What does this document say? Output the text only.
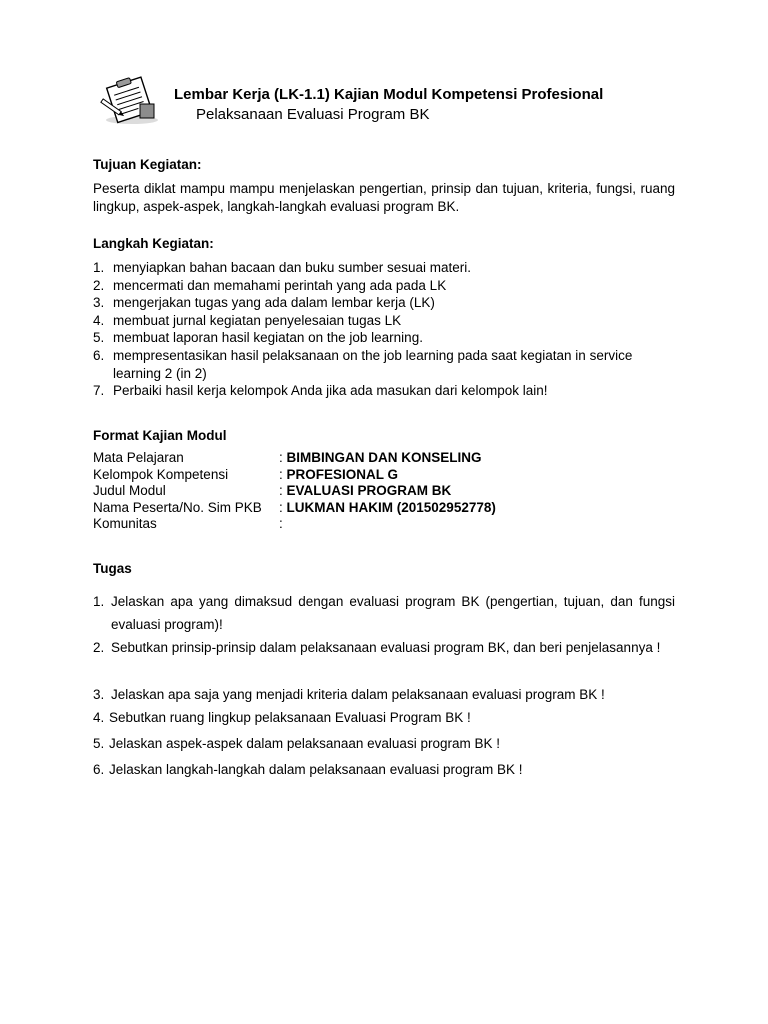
Lembar Kerja (LK-1.1) Kajian Modul Kompetensi Profesional
Pelaksanaan Evaluasi Program BK
Tujuan Kegiatan:
Peserta diklat mampu mampu menjelaskan pengertian, prinsip dan tujuan, kriteria, fungsi, ruang lingkup, aspek-aspek, langkah-langkah evaluasi program BK.
Langkah Kegiatan:
1. menyiapkan bahan bacaan dan buku sumber sesuai materi.
2. mencermati dan memahami perintah yang ada pada LK
3. mengerjakan tugas yang ada dalam lembar kerja (LK)
4. membuat jurnal kegiatan penyelesaian tugas LK
5. membuat laporan hasil kegiatan on the job learning.
6. mempresentasikan hasil pelaksanaan on the job learning pada saat kegiatan in service learning 2 (in 2)
7. Perbaiki hasil kerja kelompok Anda jika ada masukan dari kelompok lain!
Format Kajian Modul
Mata Pelajaran	:	BIMBINGAN DAN KONSELING
Kelompok Kompetensi	:	PROFESIONAL G
Judul Modul	:	EVALUASI PROGRAM BK
Nama Peserta/No. Sim PKB	:	LUKMAN HAKIM (201502952778)
Komunitas	:	
Tugas
1. Jelaskan apa yang dimaksud dengan evaluasi program BK (pengertian, tujuan, dan fungsi evaluasi program)!
2. Sebutkan prinsip-prinsip dalam pelaksanaan evaluasi program BK, dan beri penjelasannya !
3. Jelaskan apa saja yang menjadi kriteria dalam pelaksanaan evaluasi program BK !
4. Sebutkan ruang lingkup pelaksanaan Evaluasi Program BK !
5. Jelaskan aspek-aspek dalam pelaksanaan evaluasi program BK !
6. Jelaskan langkah-langkah dalam pelaksanaan evaluasi program BK !
